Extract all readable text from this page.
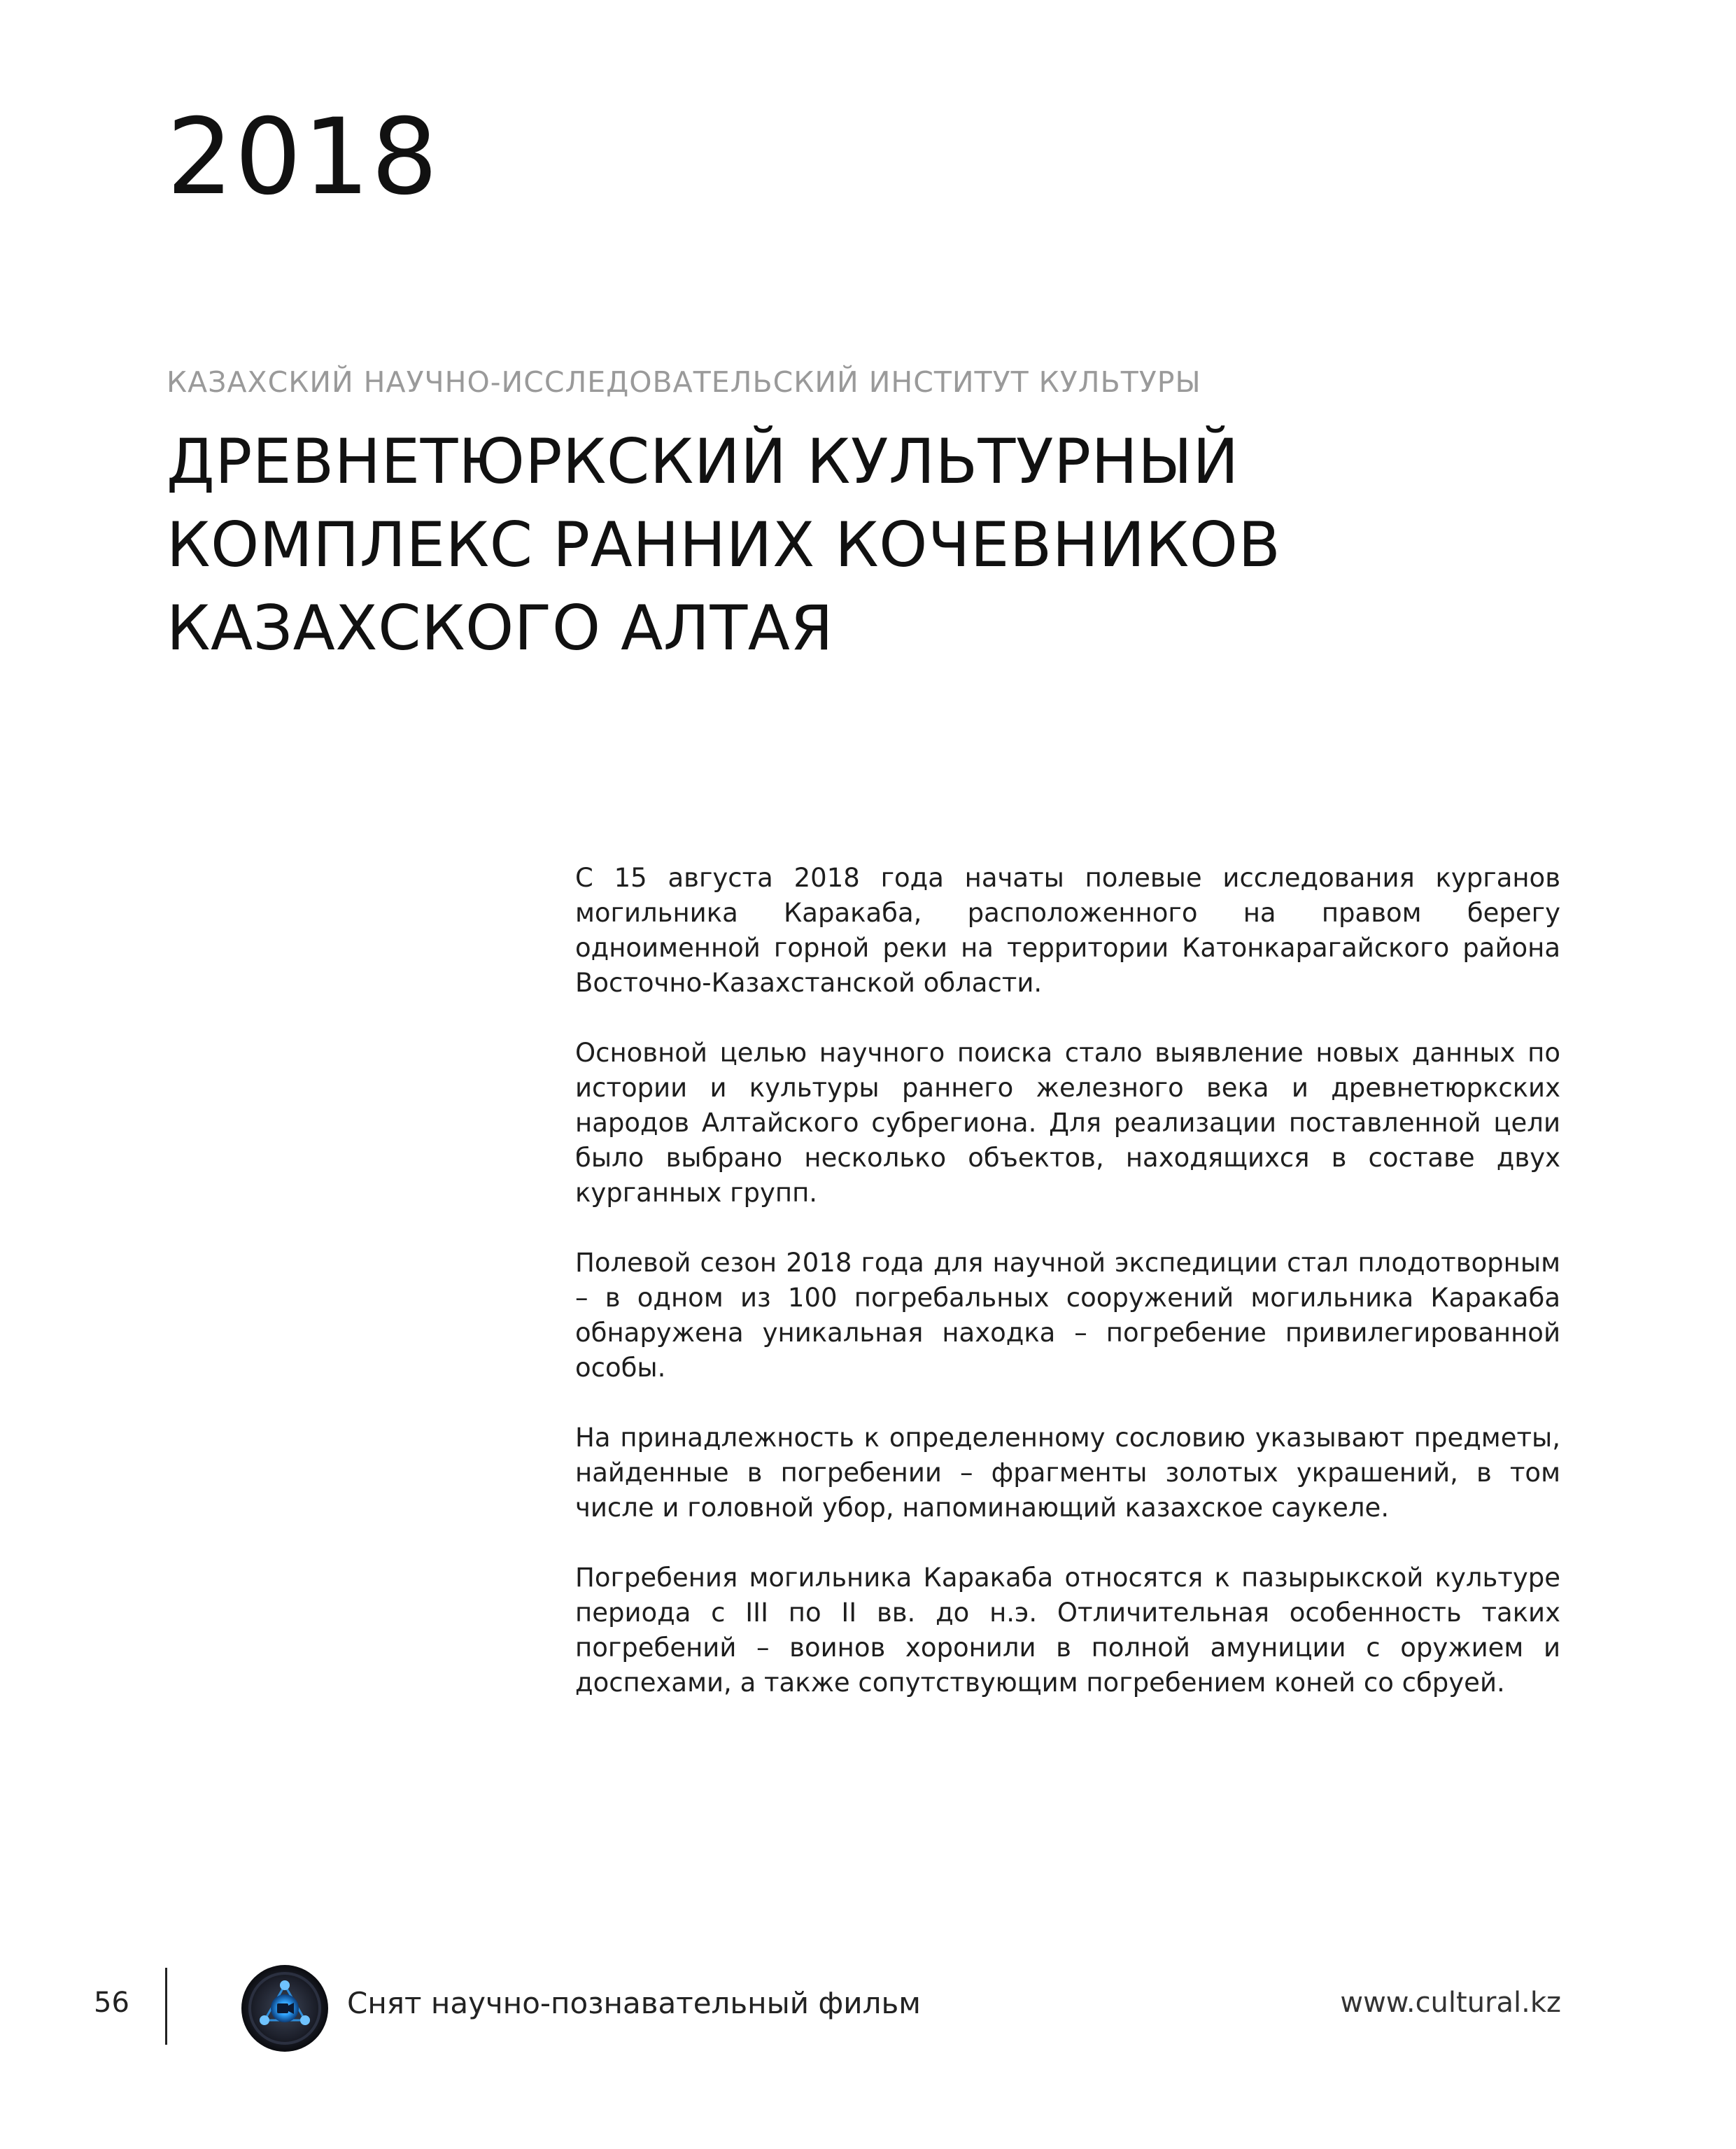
2018
КАЗАХСКИЙ НАУЧНО-ИССЛЕДОВАТЕЛЬСКИЙ ИНСТИТУТ КУЛЬТУРЫ
ДРЕВНЕТЮРКСКИЙ КУЛЬТУРНЫЙ
КОМПЛЕКС РАННИХ КОЧЕВНИКОВ
КАЗАХСКОГО АЛТАЯ

С 15 августа 2018 года начаты полевые исследования курганов могильника Каракаба, расположенного на правом берегу одноименной горной реки на территории Катонкарагайского района Восточно-Казахстанской области.

Основной целью научного поиска стало выявление новых данных по истории и культуры раннего железного века и древнетюркских народов Алтайского субрегиона. Для реализации поставленной цели было выбрано несколько объектов, находящихся в составе двух курганных групп.

Полевой сезон 2018 года для научной экспедиции стал плодотворным – в одном из 100 погребальных сооружений могильника Каракаба обнаружена уникальная находка – погребение привилегированной особы.

На принадлежность к определенному сословию указывают предметы, найденные в погребении – фрагменты золотых украшений, в том числе и головной убор, напоминающий казахское саукеле.

Погребения могильника Каракаба относятся к пазырыкской культуре периода с III по II вв. до н.э. Отличительная особенность таких погребений – воинов хоронили в полной амуниции с оружием и доспехами, а также сопутствующим погребением коней со сбруей.

56	Снят научно-познавательный фильм	www.cultural.kz
